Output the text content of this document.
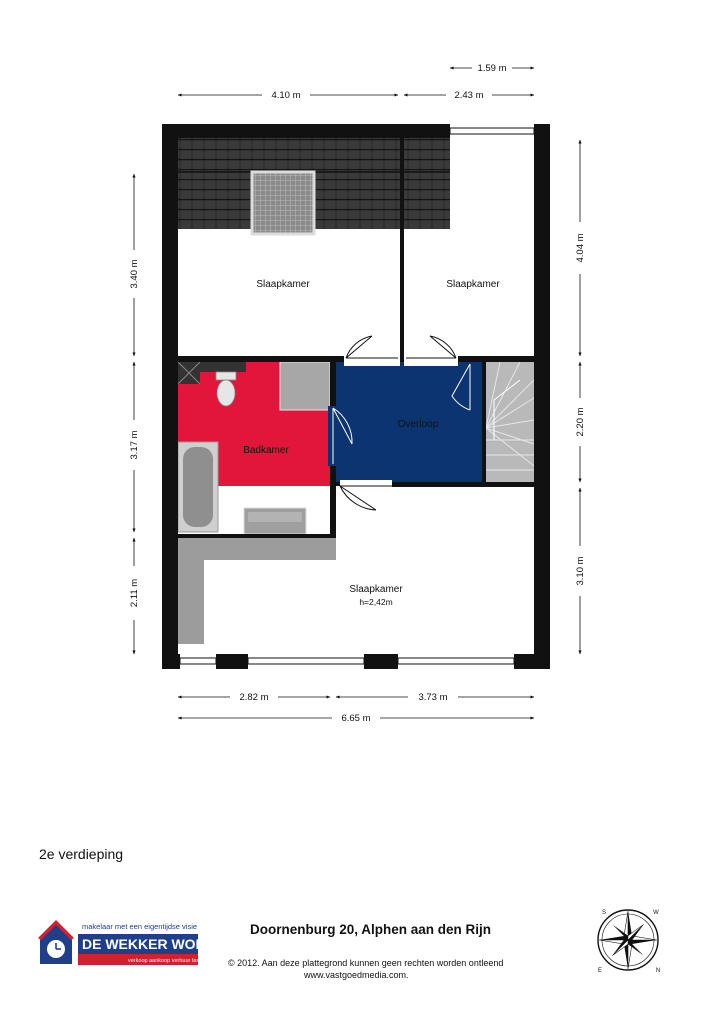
1.59 m
4.10 m	2.43 m
2.82 m	3.73 m
6.65 m
3.40 m
3.17 m
2.11 m
4.04 m
2.20 m
3.10 m
Slaapkamer	Slaapkamer
Badkamer
Overloop
Slaapkamer
h=2,42m
S	W
N
E
makelaar met een eigentijdse visie
DE WEKKER WONEN
verkoop aankoop verhuur taxaties
2e verdieping
Doornenburg 20, Alphen aan den Rijn
© 2012. Aan deze plattegrond kunnen geen rechten worden ontleend
www.vastgoedmedia.com.
